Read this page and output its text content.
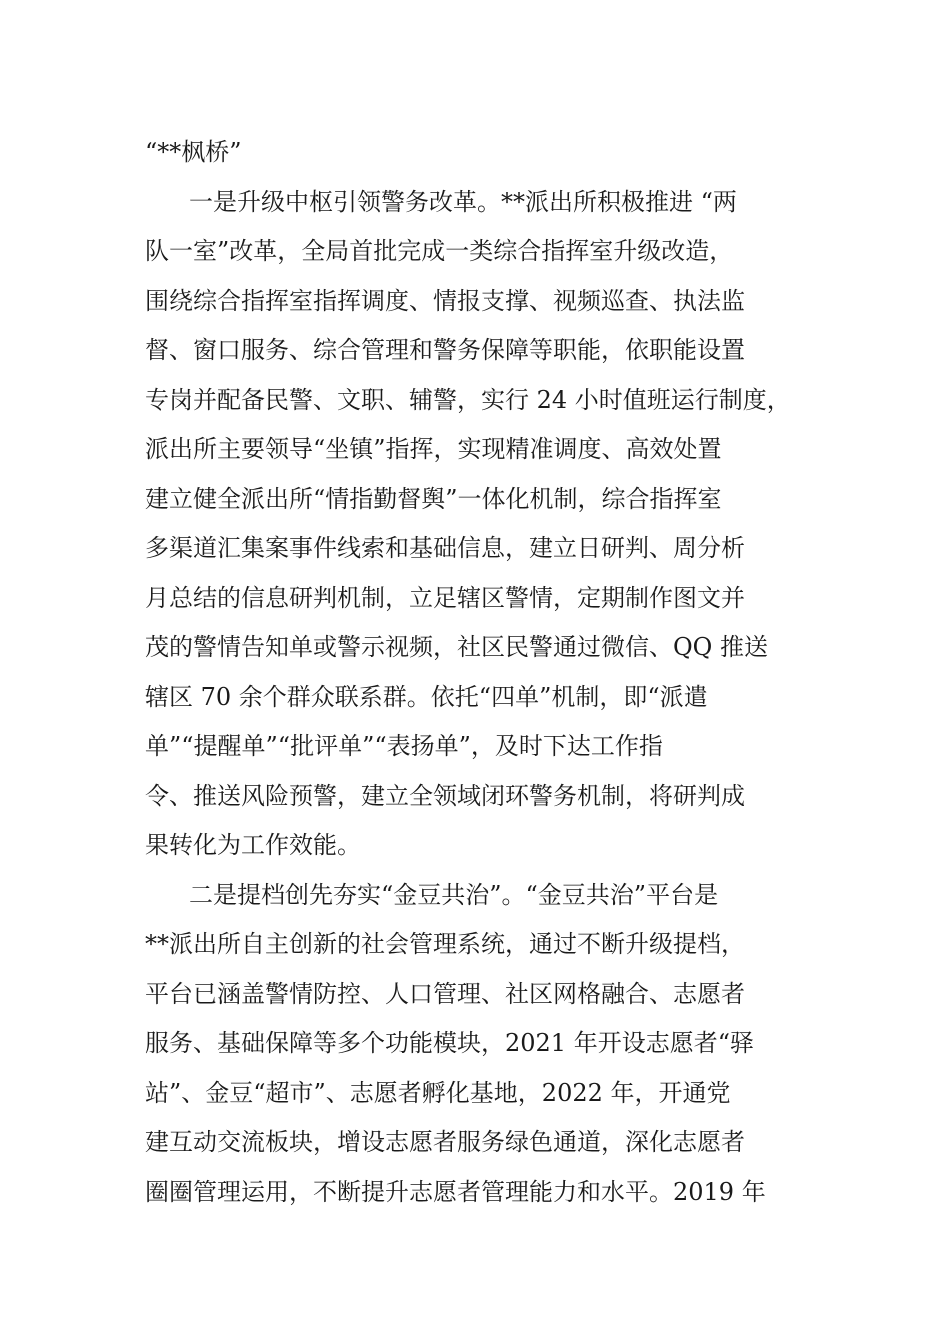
“**枫桥”
一是升级中枢引领警务改革。**派出所积极推进 “两
队一室”改革，全局首批完成一类综合指挥室升级改造，
围绕综合指挥室指挥调度、情报支撑、视频巡查、执法监
督、窗口服务、综合管理和警务保障等职能，依职能设置
专岗并配备民警、文职、辅警，实行 24 小时值班运行制度，
派出所主要领导“坐镇”指挥，实现精准调度、高效处置
建立健全派出所“情指勤督舆”一体化机制，综合指挥室
多渠道汇集案事件线索和基础信息，建立日研判、周分析
月总结的信息研判机制，立足辖区警情，定期制作图文并
茂的警情告知单或警示视频，社区民警通过微信、QQ 推送
辖区 70 余个群众联系群。依托“四单”机制，即“派遣
单”“提醒单”“批评单”“表扬单”，及时下达工作指
令、推送风险预警，建立全领域闭环警务机制，将研判成
果转化为工作效能。
二是提档创先夯实“金豆共治”。“金豆共治”平台是
**派出所自主创新的社会管理系统，通过不断升级提档，
平台已涵盖警情防控、人口管理、社区网格融合、志愿者
服务、基础保障等多个功能模块，2021 年开设志愿者“驿
站”、金豆“超市”、志愿者孵化基地，2022 年，开通党
建互动交流板块，增设志愿者服务绿色通道，深化志愿者
圈圈管理运用，不断提升志愿者管理能力和水平。2019 年
